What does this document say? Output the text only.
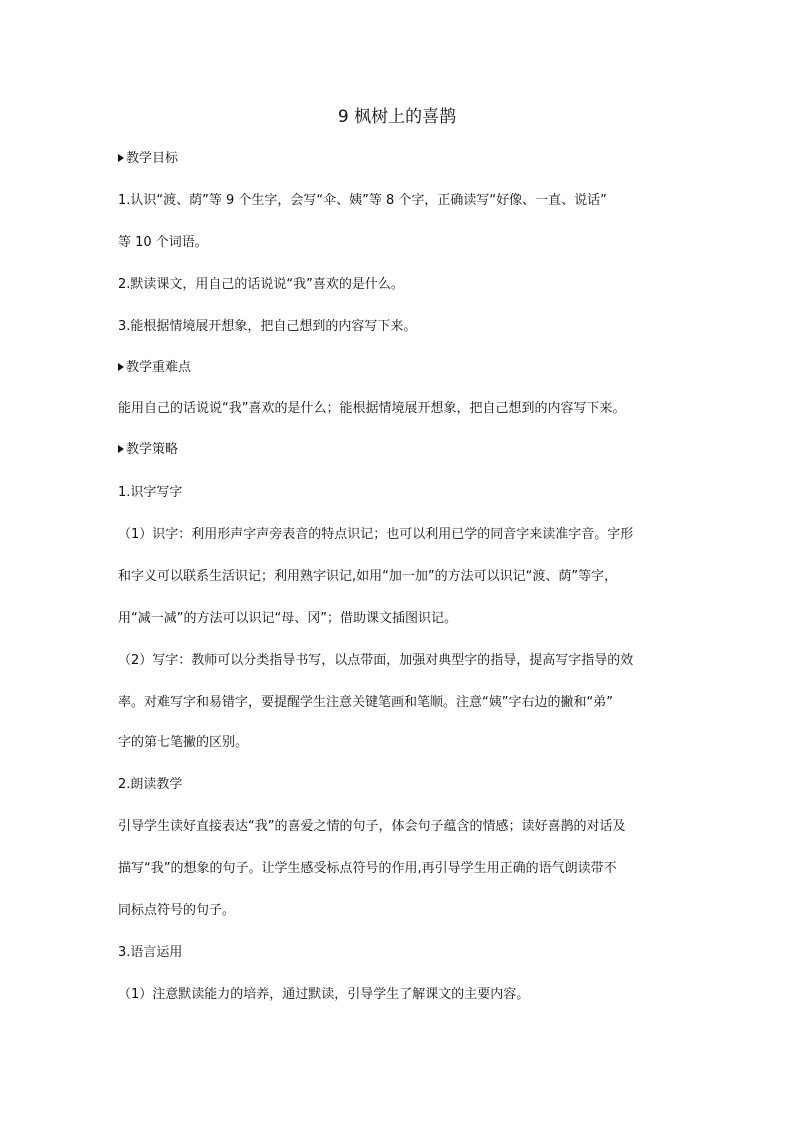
9 枫树上的喜鹊
教学目标
1.认识“渡、荫”等 9 个生字，会写“伞、姨”等 8 个字，正确读写“好像、一直、说话”
等 10 个词语。
2.默读课文，用自己的话说说“我”喜欢的是什么。
3.能根据情境展开想象，把自己想到的内容写下来。
教学重难点
能用自己的话说说“我”喜欢的是什么；能根据情境展开想象，把自己想到的内容写下来。
教学策略
1.识字写字
（1）识字：利用形声字声旁表音的特点识记；也可以利用已学的同音字来读准字音。字形
和字义可以联系生活识记；利用熟字识记,如用“加一加”的方法可以识记“渡、荫”等字，
用“减一减”的方法可以识记“母、冈”；借助课文插图识记。
（2）写字：教师可以分类指导书写，以点带面，加强对典型字的指导，提高写字指导的效
率。对难写字和易错字，要提醒学生注意关键笔画和笔顺。注意“姨”字右边的撇和“弟”
字的第七笔撇的区别。
2.朗读教学
引导学生读好直接表达“我”的喜爱之情的句子，体会句子蕴含的情感；读好喜鹊的对话及
描写“我”的想象的句子。让学生感受标点符号的作用,再引导学生用正确的语气朗读带不
同标点符号的句子。
3.语言运用
（1）注意默读能力的培养，通过默读，引导学生了解课文的主要内容。
